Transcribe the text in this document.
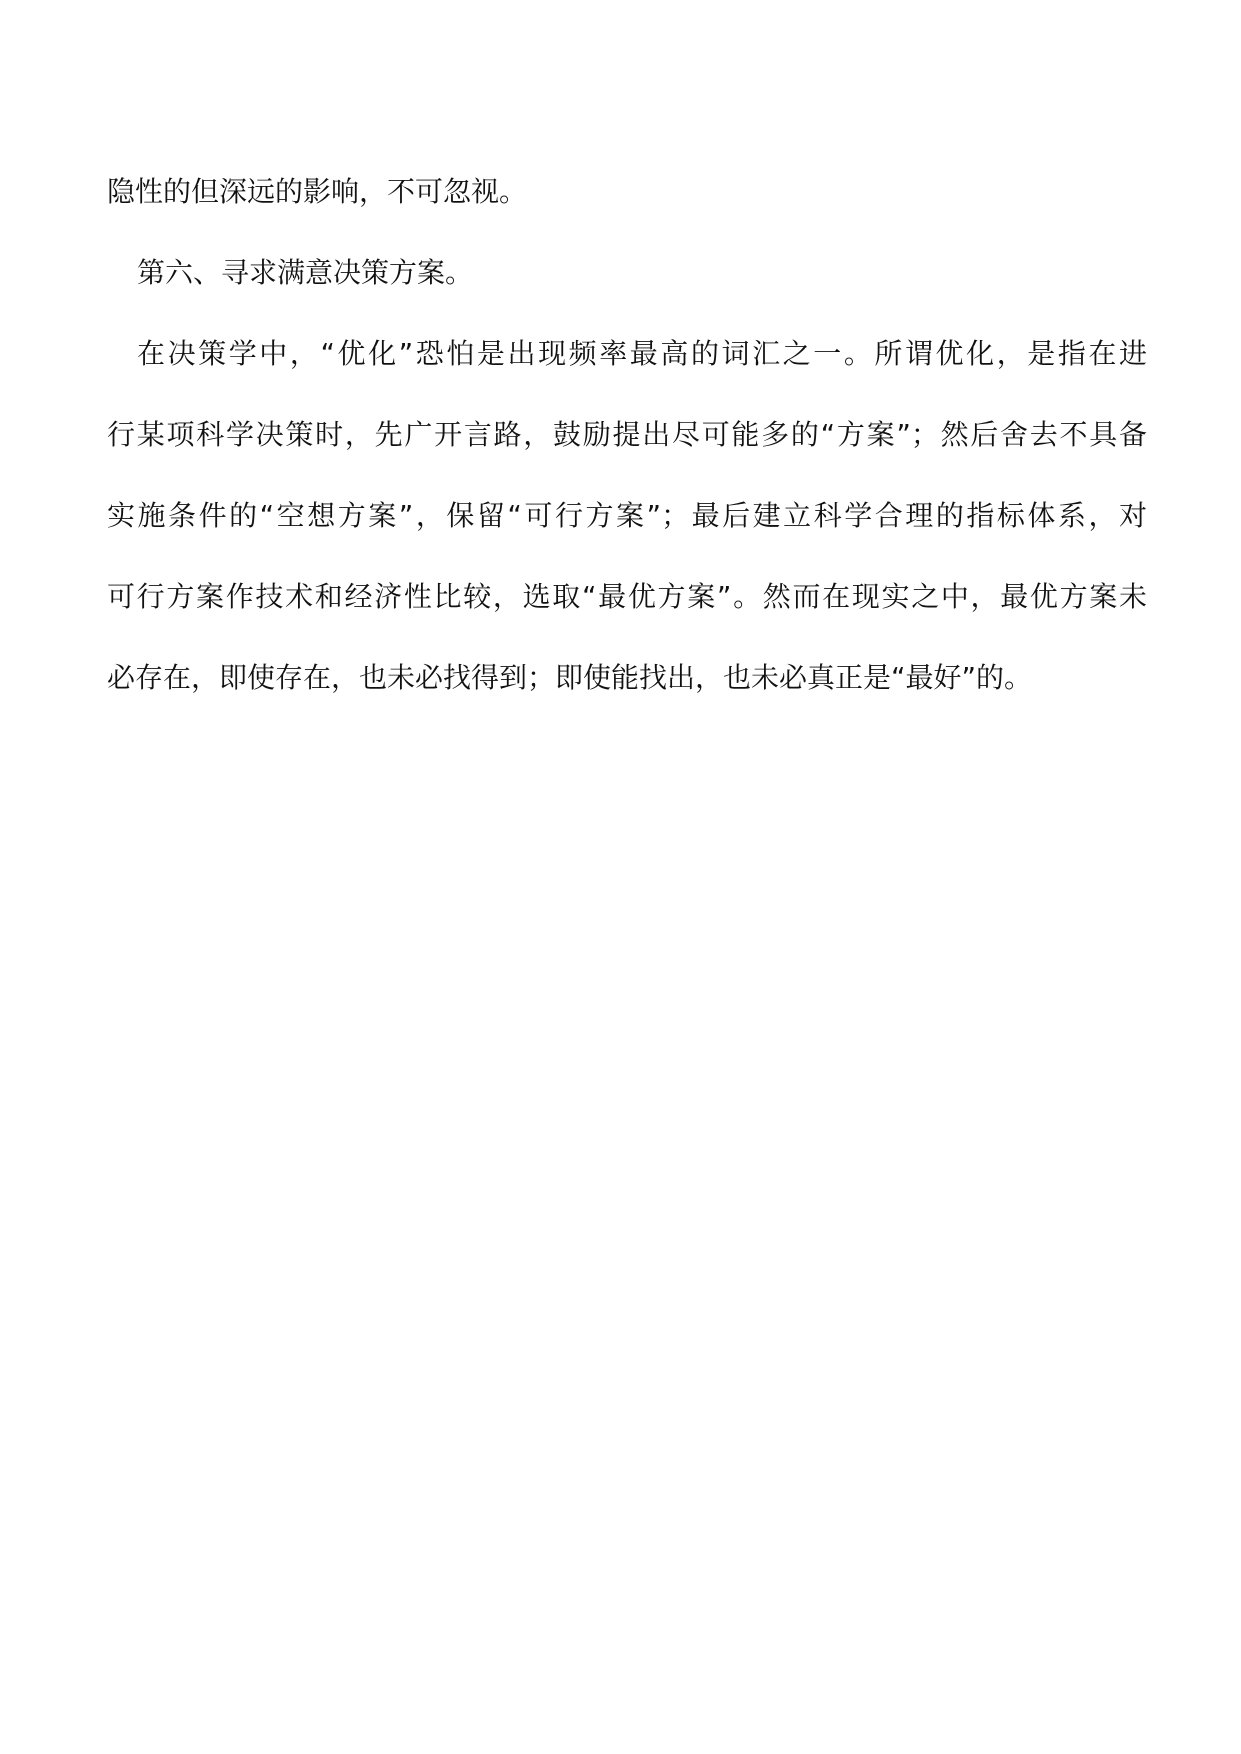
隐性的但深远的影响，不可忽视。

第六、寻求满意决策方案。

在决策学中，“优化”恐怕是出现频率最高的词汇之一。所谓优化，是指在进

行某项科学决策时，先广开言路，鼓励提出尽可能多的“方案”；然后舍去不具备

实施条件的“空想方案”，保留“可行方案”；最后建立科学合理的指标体系，对

可行方案作技术和经济性比较，选取“最优方案”。然而在现实之中，最优方案未

必存在，即使存在，也未必找得到；即使能找出，也未必真正是“最好”的。
